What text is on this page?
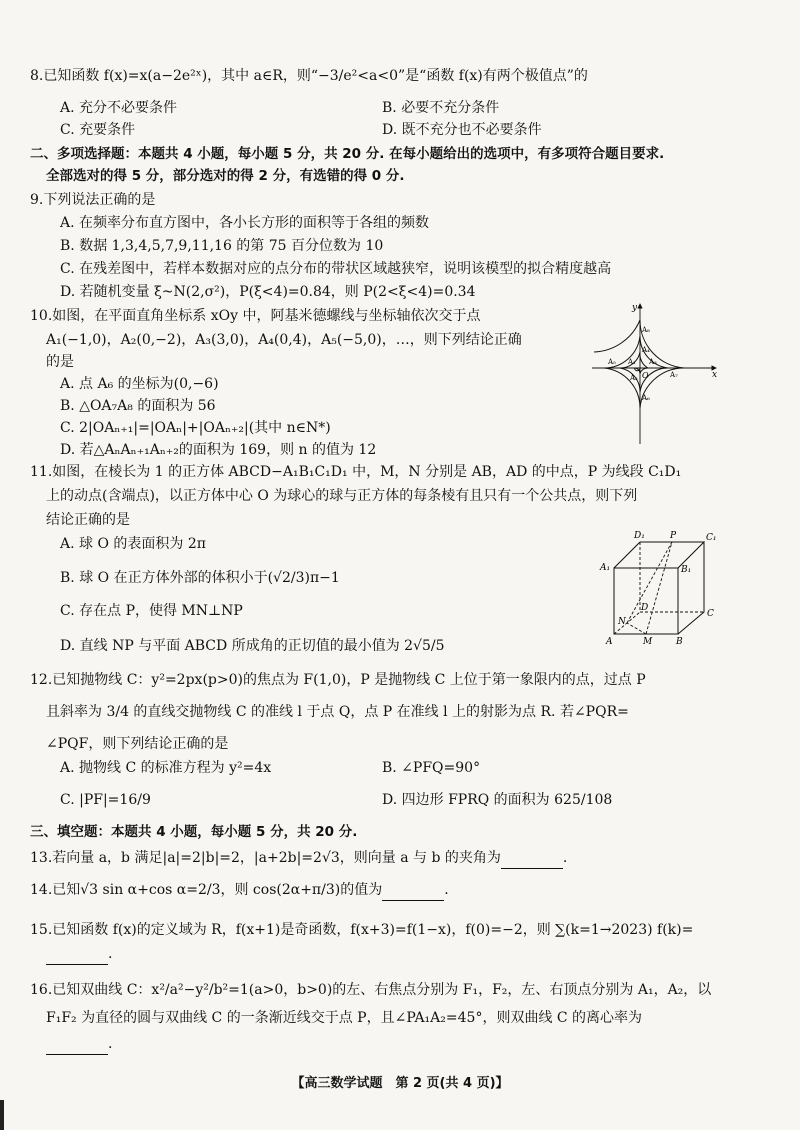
8.已知函数 f(x)=x(a−2e²ˣ)，其中 a∈R，则“−3/e²<a<0”是“函数 f(x)有两个极值点”的
A. 充分不必要条件	B. 必要不充分条件
C. 充要条件	D. 既不充分也不必要条件
二、多项选择题：本题共 4 小题，每小题 5 分，共 20 分. 在每小题给出的选项中，有多项符合题目要求.
全部选对的得 5 分，部分选对的得 2 分，有选错的得 0 分.
9.下列说法正确的是
A. 在频率分布直方图中，各小长方形的面积等于各组的频数
B. 数据 1,3,4,5,7,9,11,16 的第 75 百分位数为 10
C. 在残差图中，若样本数据对应的点分布的带状区域越狭窄，说明该模型的拟合精度越高
D. 若随机变量 ξ~N(2,σ²)，P(ξ<4)=0.84，则 P(2<ξ<4)=0.34
10.如图，在平面直角坐标系 xOy 中，阿基米德螺线与坐标轴依次交于点
A₁(−1,0)，A₂(0,−2)，A₃(3,0)，A₄(0,4)，A₅(−5,0)，…，则下列结论正确
的是
A. 点 A₆ 的坐标为(0,−6)
B. △OA₇A₈ 的面积为 56
C. 2|OAₙ₊₁|=|OAₙ|+|OAₙ₊₂|(其中 n∈N*)
D. 若△AₙAₙ₊₁Aₙ₊₂的面积为 169，则 n 的值为 12
y
x
O
A₁
A₂
A₃
A₄
A₅
A₆
A₇
A₈
11.如图，在棱长为 1 的正方体 ABCD−A₁B₁C₁D₁ 中，M，N 分别是 AB，AD 的中点，P 为线段 C₁D₁
上的动点(含端点)，以正方体中心 O 为球心的球与正方体的每条棱有且只有一个公共点，则下列
结论正确的是
A. 球 O 的表面积为 2π
B. 球 O 在正方体外部的体积小于(√2/3)π−1
C. 存在点 P，使得 MN⊥NP
D. 直线 NP 与平面 ABCD 所成角的正切值的最小值为 2√5/5	A	M	B
C
D
N
A₁	B₁
C₁
D₁	P
12.已知抛物线 C：y²=2px(p>0)的焦点为 F(1,0)，P 是抛物线 C 上位于第一象限内的点，过点 P
且斜率为 3/4 的直线交抛物线 C 的准线 l 于点 Q，点 P 在准线 l 上的射影为点 R. 若∠PQR=
∠PQF，则下列结论正确的是
A. 抛物线 C 的标准方程为 y²=4x	B. ∠PFQ=90°
C. |PF|=16/9	D. 四边形 FPRQ 的面积为 625/108
三、填空题：本题共 4 小题，每小题 5 分，共 20 分.
13.若向量 a，b 满足|a|=2|b|=2，|a+2b|=2√3，则向量 a 与 b 的夹角为	.
14.已知√3 sin α+cos α=2/3，则 cos(2α+π/3)的值为	.
15.已知函数 f(x)的定义域为 R，f(x+1)是奇函数，f(x+3)=f(1−x)，f(0)=−2，则 ∑(k=1→2023) f(k)=
.
16.已知双曲线 C：x²/a²−y²/b²=1(a>0，b>0)的左、右焦点分别为 F₁，F₂，左、右顶点分别为 A₁，A₂，以
F₁F₂ 为直径的圆与双曲线 C 的一条渐近线交于点 P，且∠PA₁A₂=45°，则双曲线 C 的离心率为
.
【高三数学试题　第 2 页(共 4 页)】
